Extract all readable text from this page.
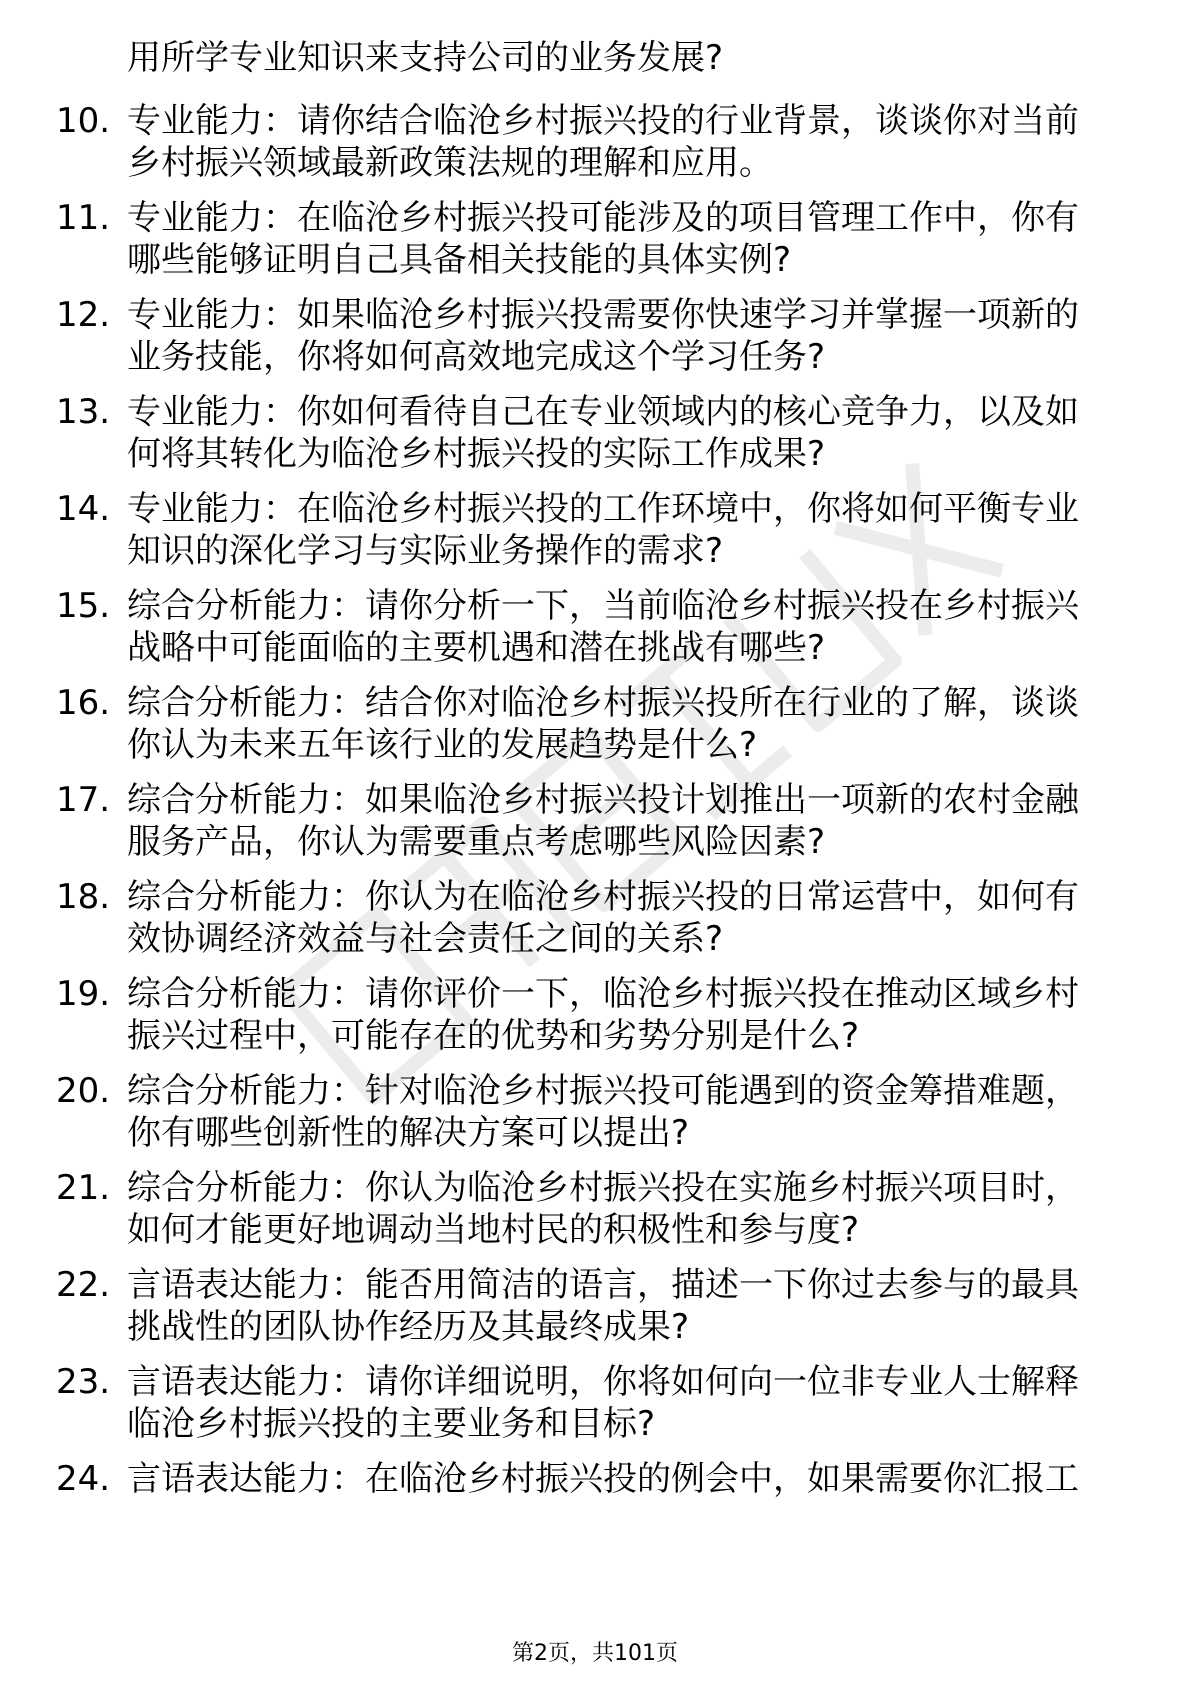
用所学专业知识来支持公司的业务发展?
10. 专业能力：请你结合临沧乡村振兴投的行业背景，谈谈你对当前
乡村振兴领域最新政策法规的理解和应用。
11. 专业能力：在临沧乡村振兴投可能涉及的项目管理工作中，你有
哪些能够证明自己具备相关技能的具体实例?
12. 专业能力：如果临沧乡村振兴投需要你快速学习并掌握一项新的
业务技能，你将如何高效地完成这个学习任务?
13. 专业能力：你如何看待自己在专业领域内的核心竞争力，以及如
何将其转化为临沧乡村振兴投的实际工作成果?
14. 专业能力：在临沧乡村振兴投的工作环境中，你将如何平衡专业
知识的深化学习与实际业务操作的需求?
15. 综合分析能力：请你分析一下，当前临沧乡村振兴投在乡村振兴
战略中可能面临的主要机遇和潜在挑战有哪些?
16. 综合分析能力：结合你对临沧乡村振兴投所在行业的了解，谈谈
你认为未来五年该行业的发展趋势是什么?
17. 综合分析能力：如果临沧乡村振兴投计划推出一项新的农村金融
服务产品，你认为需要重点考虑哪些风险因素?
18. 综合分析能力：你认为在临沧乡村振兴投的日常运营中，如何有
效协调经济效益与社会责任之间的关系?
19. 综合分析能力：请你评价一下，临沧乡村振兴投在推动区域乡村
振兴过程中，可能存在的优势和劣势分别是什么?
20. 综合分析能力：针对临沧乡村振兴投可能遇到的资金筹措难题，
你有哪些创新性的解决方案可以提出?
21. 综合分析能力：你认为临沧乡村振兴投在实施乡村振兴项目时，
如何才能更好地调动当地村民的积极性和参与度?
22. 言语表达能力：能否用简洁的语言，描述一下你过去参与的最具
挑战性的团队协作经历及其最终成果?
23. 言语表达能力：请你详细说明，你将如何向一位非专业人士解释
临沧乡村振兴投的主要业务和目标?
24. 言语表达能力：在临沧乡村振兴投的例会中，如果需要你汇报工
第2页，共101页
